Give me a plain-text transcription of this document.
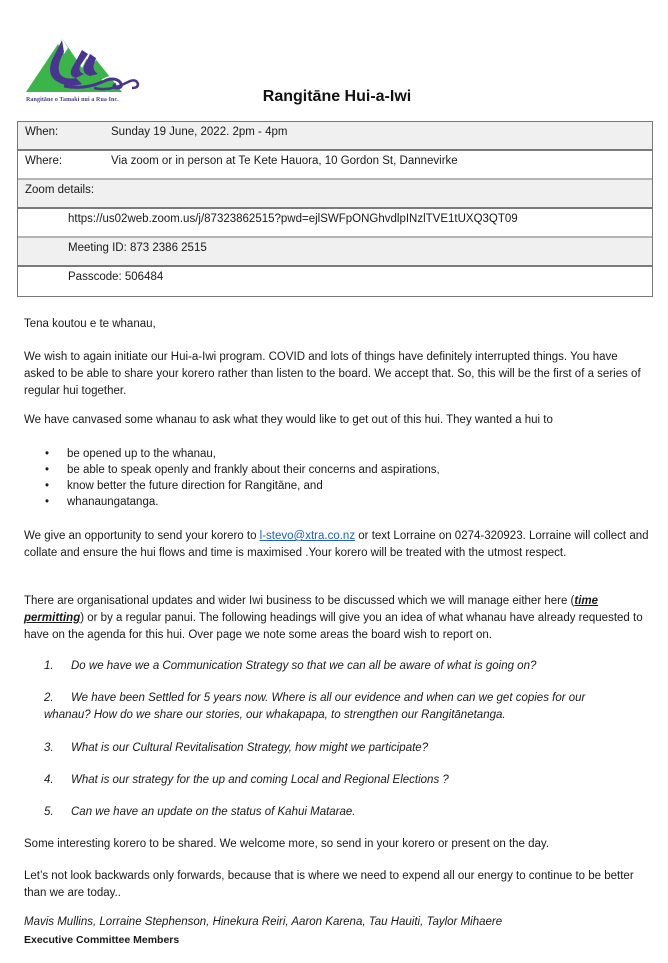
Rangitāne o Tamaki nui a Rua Inc.	Rangitāne Hui-a-Iwi
When:	Sunday 19 June, 2022. 2pm - 4pm
Where:	Via zoom or in person at Te Kete Hauora, 10 Gordon St, Dannevirke
Zoom details:
https://us02web.zoom.us/j/87323862515?pwd=ejlSWFpONGhvdlpINzlTVE1tUXQ3QT09
Meeting ID: 873 2386 2515
Passcode: 506484

Tena koutou e te whanau,

We wish to again initiate our Hui-a-Iwi program. COVID and lots of things have definitely interrupted things. You have asked to be able to share your korero rather than listen to the board. We accept that. So, this will be the first of a series of regular hui together.

We have canvased some whanau to ask what they would like to get out of this hui. They wanted a hui to

• be opened up to the whanau,
• be able to speak openly and frankly about their concerns and aspirations,
• know better the future direction for Rangitāne, and
• whanaungatanga.

We give an opportunity to send your korero to l-stevo@xtra.co.nz or text Lorraine on 0274-320923. Lorraine will collect and collate and ensure the hui flows and time is maximised .Your korero will be treated with the utmost respect.

There are organisational updates and wider Iwi business to be discussed which we will manage either here (time permitting) or by a regular panui. The following headings will give you an idea of what whanau have already requested to have on the agenda for this hui. Over page we note some areas the board wish to report on.

1. Do we have we a Communication Strategy so that we can all be aware of what is going on?
2. We have been Settled for 5 years now. Where is all our evidence and when can we get copies for our
whanau? How do we share our stories, our whakapapa, to strengthen our Rangitānetanga.
3. What is our Cultural Revitalisation Strategy, how might we participate?
4. What is our strategy for the up and coming Local and Regional Elections ?
5. Can we have an update on the status of Kahui Matarae.

Some interesting korero to be shared. We welcome more, so send in your korero or present on the day.

Let’s not look backwards only forwards, because that is where we need to expend all our energy to continue to be better than we are today..

Mavis Mullins, Lorraine Stephenson, Hinekura Reiri, Aaron Karena, Tau Hauiti, Taylor Mihaere
Executive Committee Members
